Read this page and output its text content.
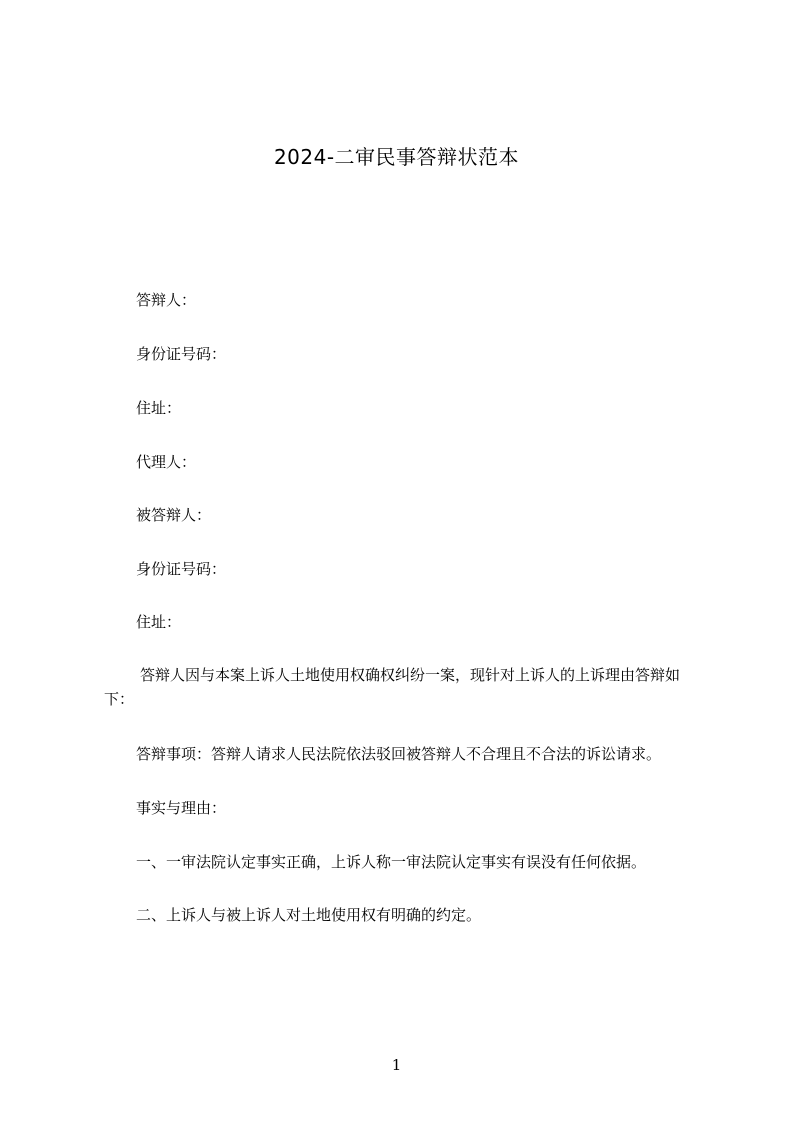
2024-二审民事答辩状范本
答辩人：
身份证号码：
住址：
代理人：
被答辩人：
身份证号码：
住址：
答辩人因与本案上诉人土地使用权确权纠纷一案，现针对上诉人的上诉理由答辩如下：
答辩事项：答辩人请求人民法院依法驳回被答辩人不合理且不合法的诉讼请求。
事实与理由：
一、一审法院认定事实正确，上诉人称一审法院认定事实有误没有任何依据。
二、上诉人与被上诉人对土地使用权有明确的约定。
1
